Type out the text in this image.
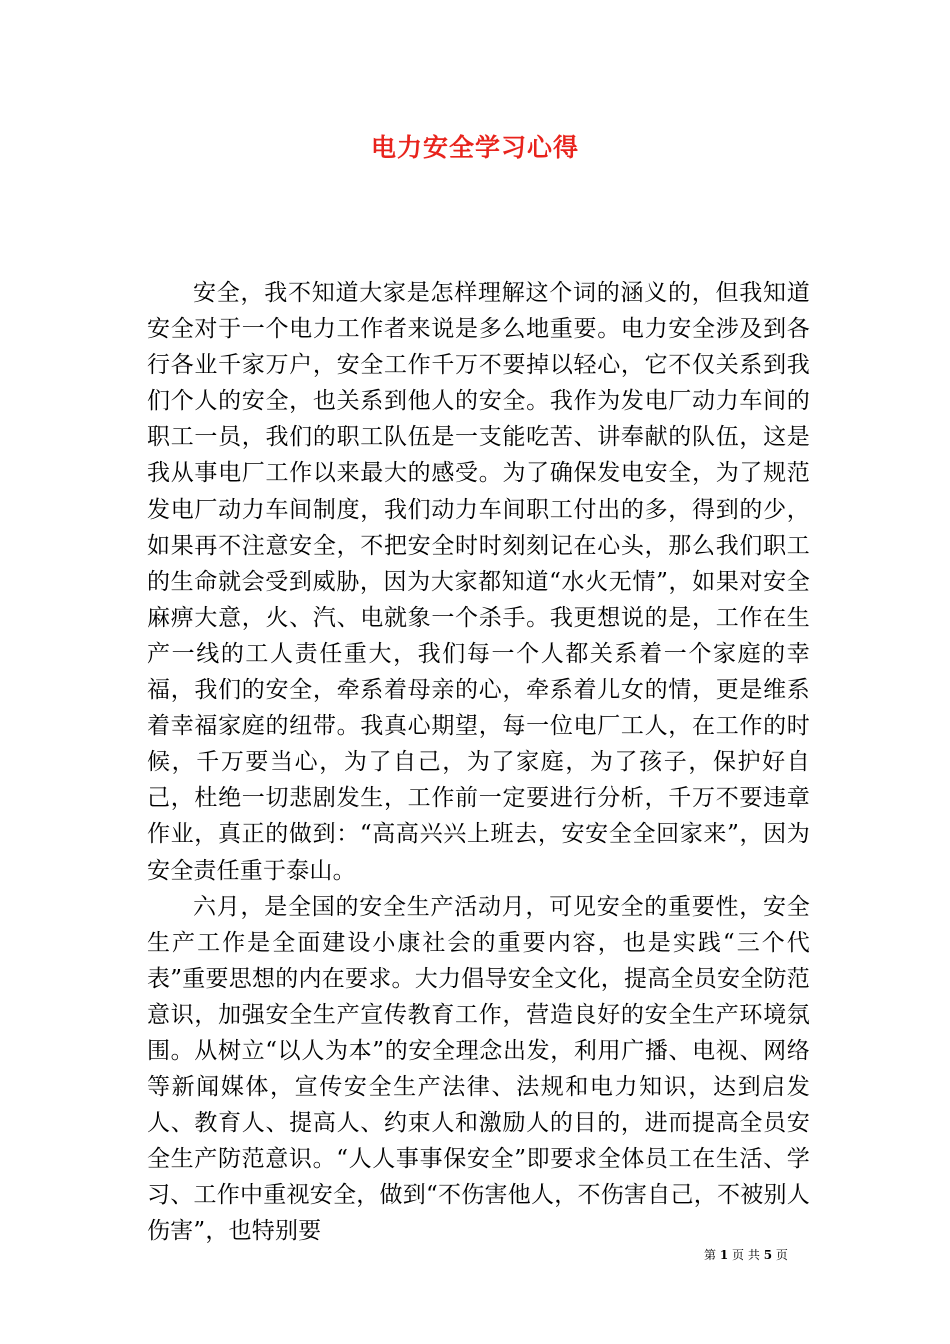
电力安全学习心得

安全，我不知道大家是怎样理解这个词的涵义的，但我知道安全对于一个电力工作者来说是多么地重要。电力安全涉及到各行各业千家万户，安全工作千万不要掉以轻心，它不仅关系到我们个人的安全，也关系到他人的安全。我作为发电厂动力车间的职工一员，我们的职工队伍是一支能吃苦、讲奉献的队伍，这是我从事电厂工作以来最大的感受。为了确保发电安全，为了规范发电厂动力车间制度，我们动力车间职工付出的多，得到的少，如果再不注意安全，不把安全时时刻刻记在心头，那么我们职工的生命就会受到威胁，因为大家都知道“水火无情”，如果对安全麻痹大意，火、汽、电就象一个杀手。我更想说的是，工作在生产一线的工人责任重大，我们每一个人都关系着一个家庭的幸福，我们的安全，牵系着母亲的心，牵系着儿女的情，更是维系着幸福家庭的纽带。我真心期望，每一位电厂工人，在工作的时候，千万要当心，为了自己，为了家庭，为了孩子，保护好自己，杜绝一切悲剧发生，工作前一定要进行分析，千万不要违章作业，真正的做到：“高高兴兴上班去，安安全全回家来”，因为安全责任重于泰山。

六月，是全国的安全生产活动月，可见安全的重要性，安全生产工作是全面建设小康社会的重要内容，也是实践“三个代表”重要思想的内在要求。大力倡导安全文化，提高全员安全防范意识，加强安全生产宣传教育工作，营造良好的安全生产环境氛围。从树立“以人为本”的安全理念出发，利用广播、电视、网络等新闻媒体，宣传安全生产法律、法规和电力知识，达到启发人、教育人、提高人、约束人和激励人的目的，进而提高全员安全生产防范意识。“人人事事保安全”即要求全体员工在生活、学习、工作中重视安全，做到“不伤害他人，不伤害自己，不被别人伤害”，也特别要

第 1 页 共 5 页
